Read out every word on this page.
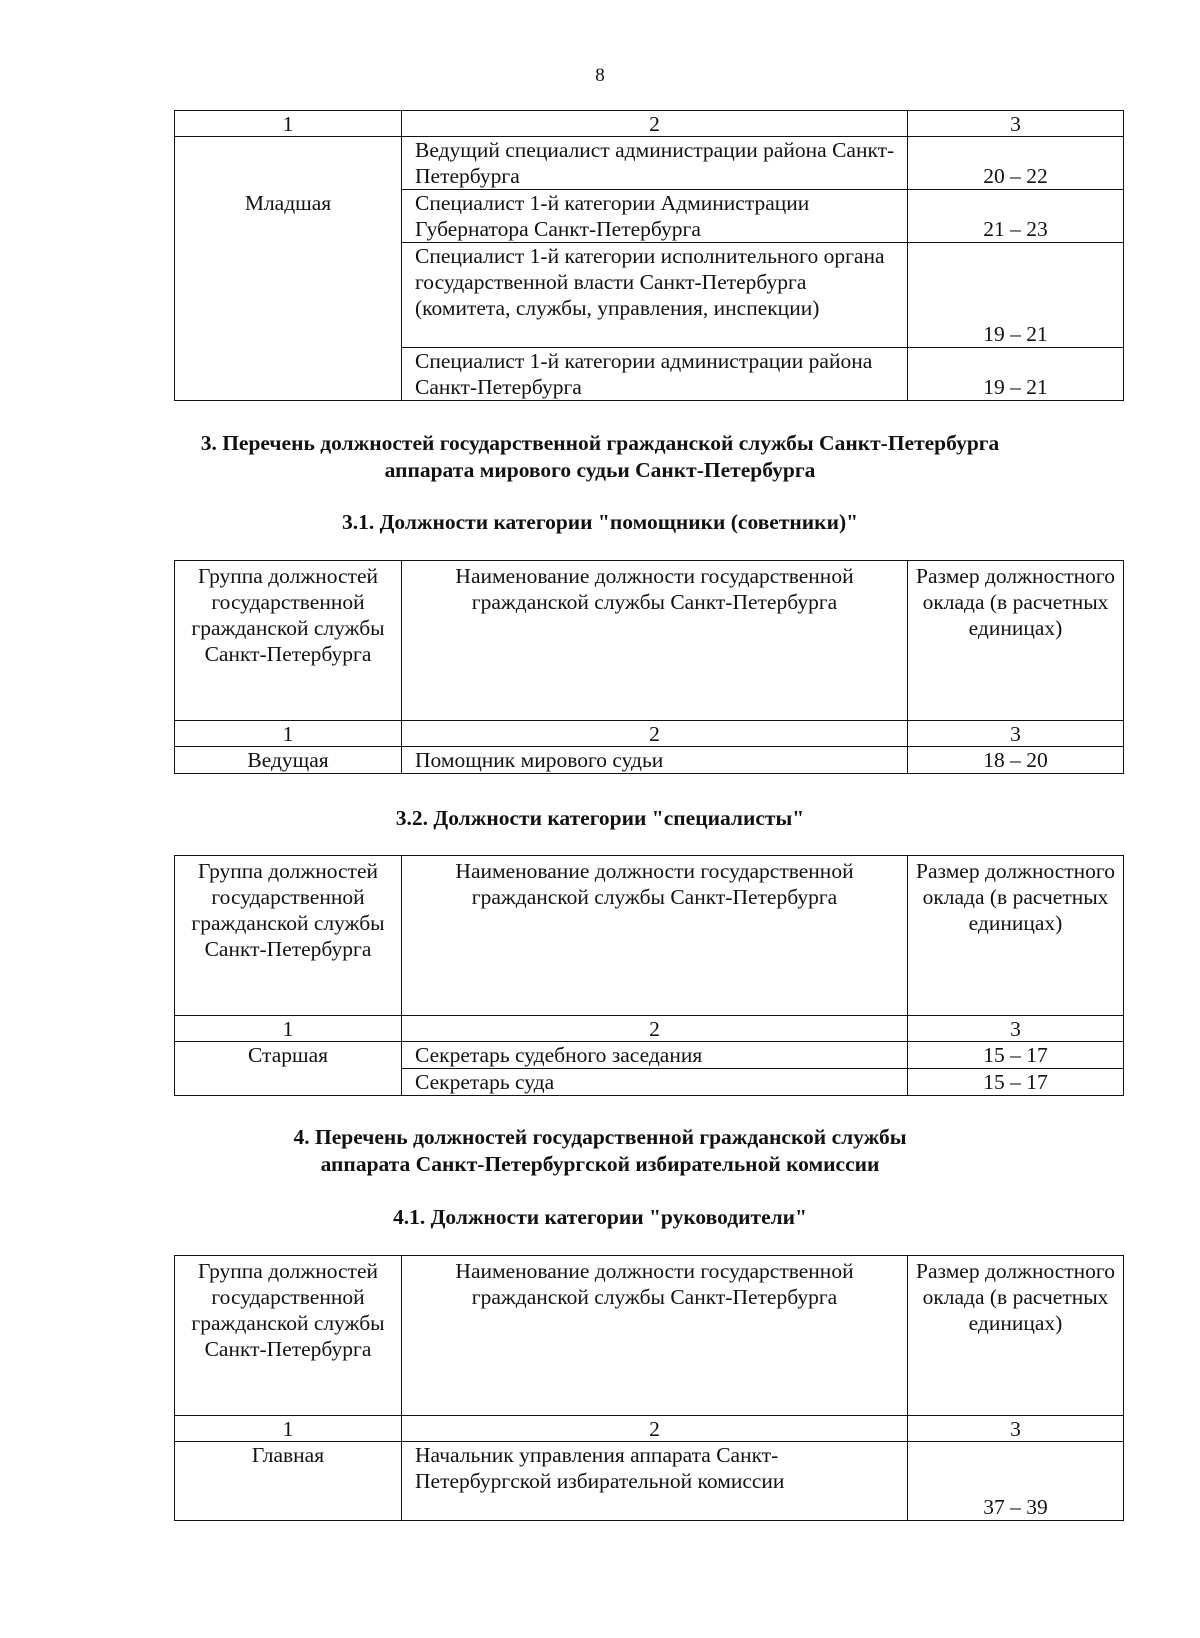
8
1	2	3
	Ведущий специалист администрации района Санкт-Петербурга	20 – 22
Младшая	Специалист 1-й категории Администрации Губернатора Санкт-Петербурга	21 – 23
	Специалист 1-й категории исполнительного органа государственной власти Санкт-Петербурга (комитета, службы, управления, инспекции)	19 – 21
	Специалист 1-й категории администрации района Санкт-Петербурга	19 – 21
3. Перечень должностей государственной гражданской службы Санкт-Петербурга
аппарата мирового судьи Санкт-Петербурга
3.1. Должности категории "помощники (советники)"
Группа должностей государственной гражданской службы Санкт-Петербурга	Наименование должности государственной гражданской службы Санкт-Петербурга	Размер должностного оклада (в расчетных единицах)
1	2	3
Ведущая	Помощник мирового судьи	18 – 20
3.2. Должности категории "специалисты"
Группа должностей государственной гражданской службы Санкт-Петербурга	Наименование должности государственной гражданской службы Санкт-Петербурга	Размер должностного оклада (в расчетных единицах)
1	2	3
Старшая	Секретарь судебного заседания	15 – 17
	Секретарь суда	15 – 17
4. Перечень должностей государственной гражданской службы
аппарата Санкт-Петербургской избирательной комиссии
4.1. Должности категории "руководители"
Группа должностей государственной гражданской службы Санкт-Петербурга	Наименование должности государственной гражданской службы Санкт-Петербурга	Размер должностного оклада (в расчетных единицах)
1	2	3
Главная	Начальник управления аппарата Санкт-Петербургской избирательной комиссии	37 – 39
